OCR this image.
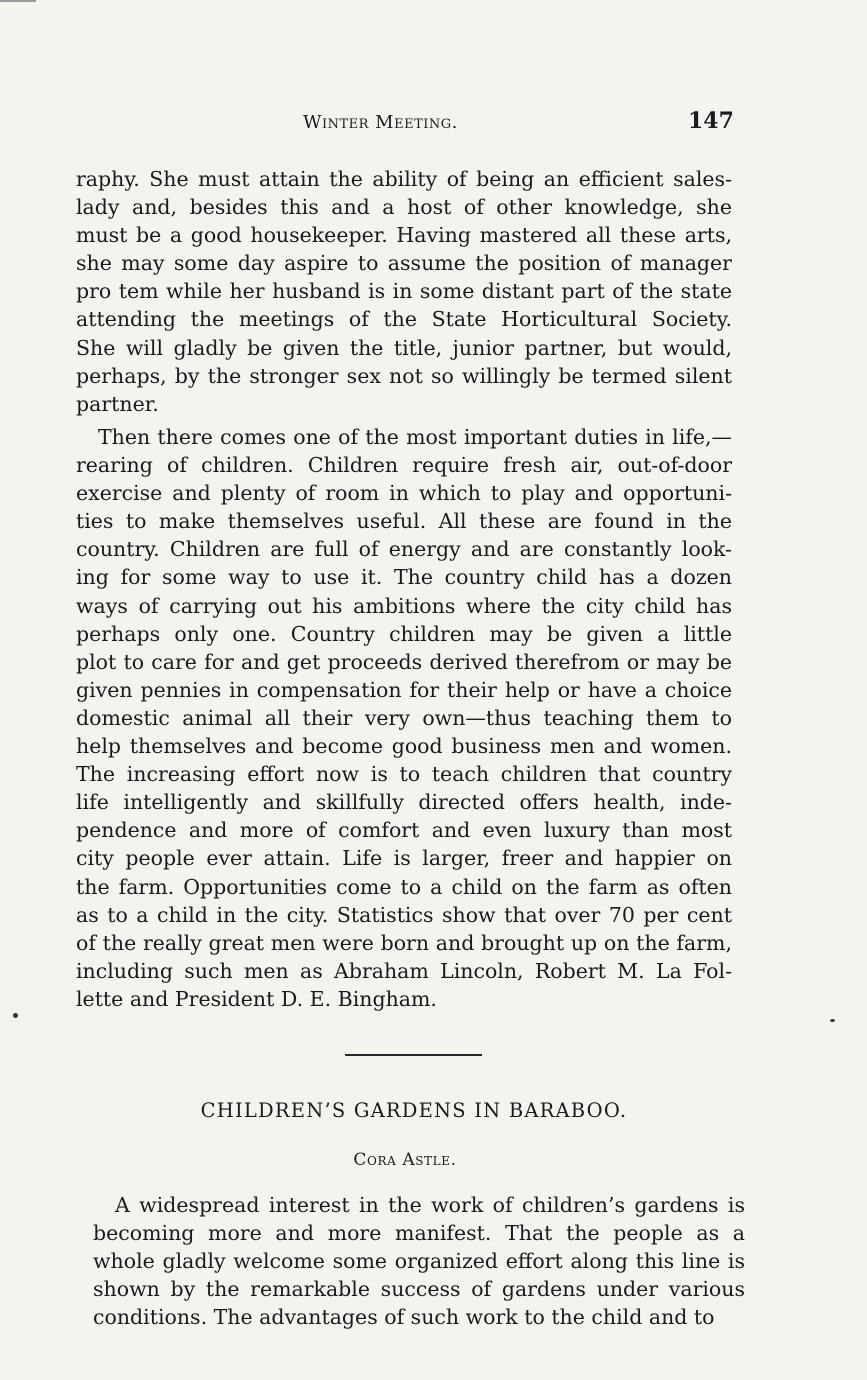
Winter Meeting.	147
raphy. She must attain the ability of being an efficient sales-
lady and, besides this and a host of other knowledge, she
must be a good housekeeper. Having mastered all these arts,
she may some day aspire to assume the position of manager
pro tem while her husband is in some distant part of the state
attending the meetings of the State Horticultural Society.
She will gladly be given the title, junior partner, but would,
perhaps, by the stronger sex not so willingly be termed silent
partner.
Then there comes one of the most important duties in life,—
rearing of children. Children require fresh air, out-of-door
exercise and plenty of room in which to play and opportuni-
ties to make themselves useful. All these are found in the
country. Children are full of energy and are constantly look-
ing for some way to use it. The country child has a dozen
ways of carrying out his ambitions where the city child has
perhaps only one. Country children may be given a little
plot to care for and get proceeds derived therefrom or may be
given pennies in compensation for their help or have a choice
domestic animal all their very own—thus teaching them to
help themselves and become good business men and women.
The increasing effort now is to teach children that country
life intelligently and skillfully directed offers health, inde-
pendence and more of comfort and even luxury than most
city people ever attain. Life is larger, freer and happier on
the farm. Opportunities come to a child on the farm as often
as to a child in the city. Statistics show that over 70 per cent
of the really great men were born and brought up on the farm,
including such men as Abraham Lincoln, Robert M. La Fol-
lette and President D. E. Bingham.
CHILDREN’S GARDENS IN BARABOO.
Cora Astle.
A widespread interest in the work of children’s gardens is
becoming more and more manifest. That the people as a
whole gladly welcome some organized effort along this line is
shown by the remarkable success of gardens under various
conditions. The advantages of such work to the child and to
